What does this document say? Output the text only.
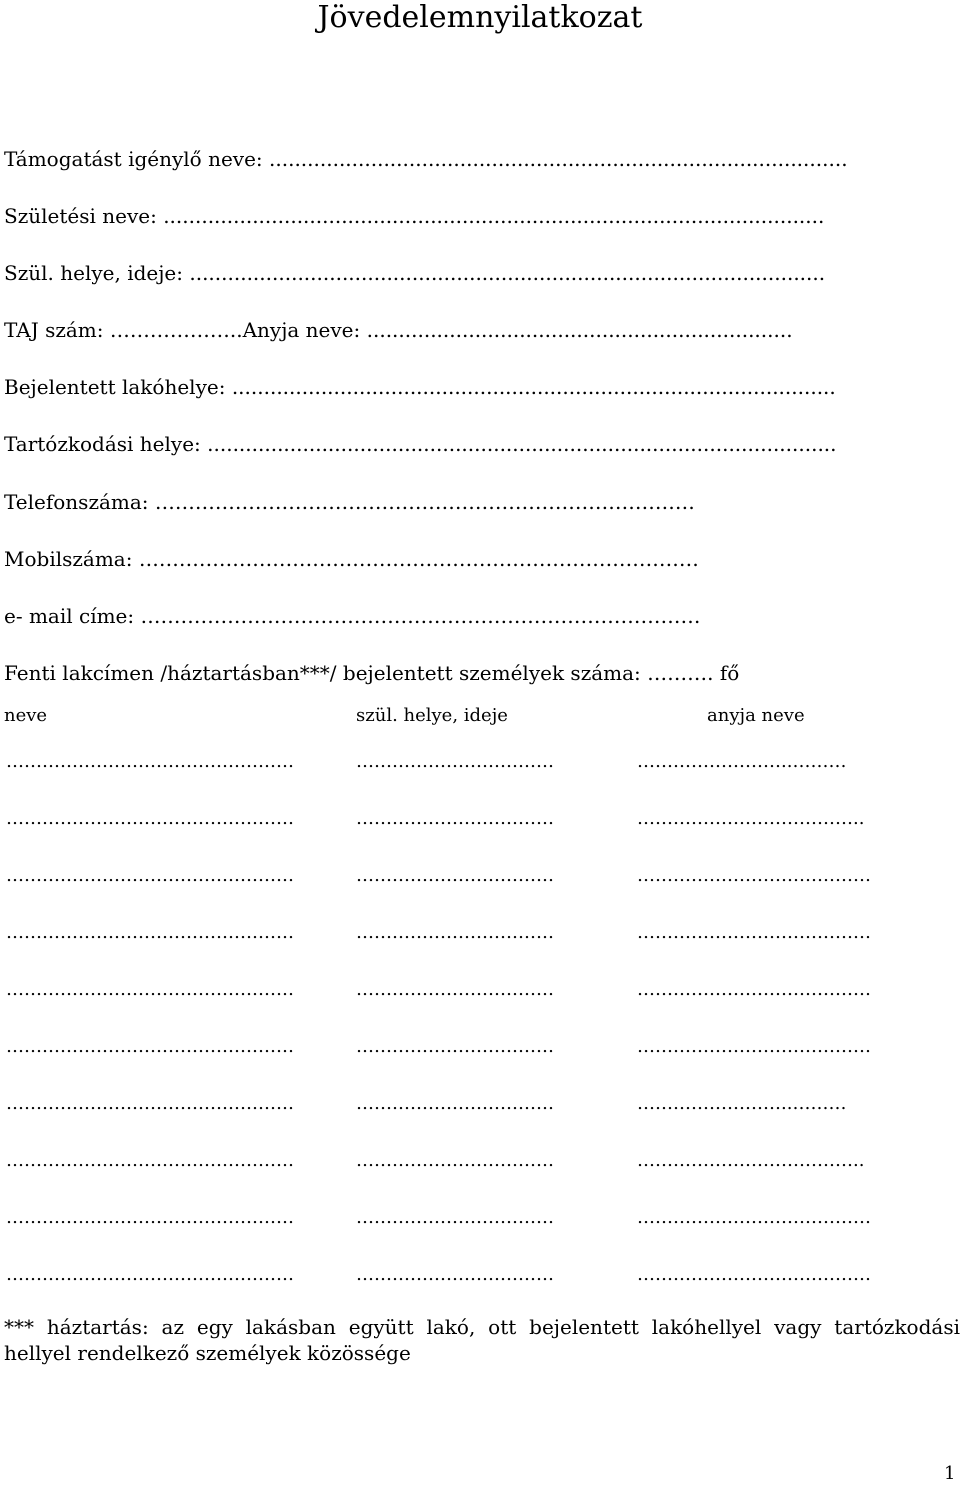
Jövedelemnyilatkozat
Támogatást igénylő neve: ...........................................................................................
Születési neve: ........................................................................................................
Szül. helye, ideje: ....................................................................................................
TAJ szám: ………………..Anyja neve: ...................................................................
Bejelentett lakóhelye: ...............................................................................................
Tartózkodási helye: ...................................................................................................
Telefonszáma: ………………………………………………………………………
Mobilszáma: …………………………………………………………………………
e- mail címe: …………………………………………………………………………
Fenti lakcímen /háztartásban***/ bejelentett személyek száma: ………. fő
neve	szül. helye, ideje	anyja neve
…………………………………………	……………………………	……………………..………
…………………………………………	……………………………	………………………………..
…………………………………………	……………………………	…………………………………
…………………………………………	……………………………	…………………………………
…………………………………………	……………………………	…………………………………
…………………………………………	……………………………	…………………………………
…………………………………………	……………………………	……………………..………
…………………………………………	……………………………	………………………………..
…………………………………………	……………………………	…………………………………
…………………………………………	……………………………	…………………………………
*** háztartás: az egy lakásban együtt lakó, ott bejelentett lakóhellyel vagy tartózkodási hellyel rendelkező személyek közössége
1
